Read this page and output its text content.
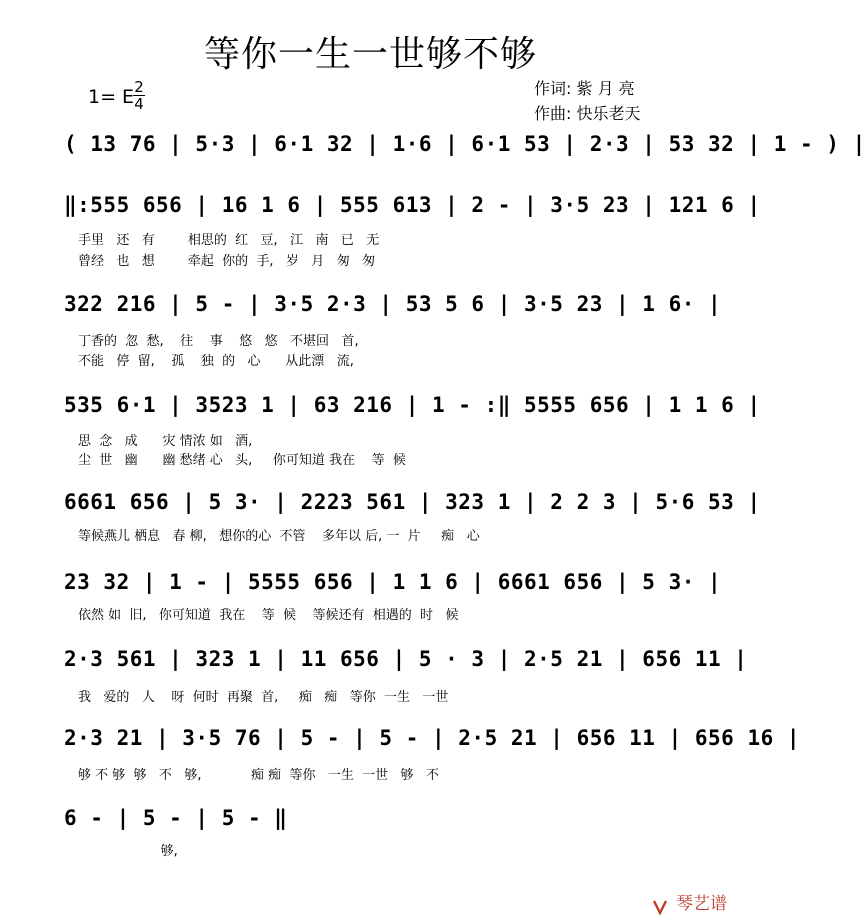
等你一生一世够不够
1= E 2
4
作词: 紫 月 亮
作曲: 快乐老天
( 13 76 | 5·3 | 6·1 32 | 1·6 | 6·1 53 | 2·3 | 53 32 | 1 - ) |
‖:555 656 | 16 1 6 | 555 613 | 2 - | 3·5 23 | 121 6 |
手里   还   有        相思的  红   豆,   江   南   已   无
曾经   也   想        牵起  你的  手,   岁   月   匆   匆
322 216 | 5 - | 3·5 2·3 | 53 5 6 | 3·5 23 | 1 6· |
丁香的  忽  愁,    往    事    悠   悠   不堪回   首,
不能   停  留,    孤    独  的   心      从此漂   流,
535 6·1 | 3523 1 | 63 216 | 1 - :‖ 5555 656 | 1 1 6 |
思  念   成      灾 情浓 如   酒,
尘  世   幽      幽 愁绪 心   头,     你可知道 我在    等  候
6661 656 | 5 3· | 2223 561 | 323 1 | 2 2 3 | 5·6 53 |
等候燕儿 栖息   春 柳,   想你的心  不管    多年以 后, 一  片     痴   心
23 32 | 1 - | 5555 656 | 1 1 6 | 6661 656 | 5 3· |
依然 如  旧,   你可知道  我在    等  候    等候还有  相遇的  时   候
2·3 561 | 323 1 | 11 656 | 5 · 3 | 2·5 21 | 656 11 |
我   爱的   人    呀  何时  再聚  首,     痴   痴   等你  一生   一世
2·3 21 | 3·5 76 | 5 - | 5 - | 2·5 21 | 656 11 | 656 16 |
够 不 够  够   不   够,            痴 痴  等你   一生  一世   够   不
6 - | 5 - | 5 - ‖
够,
琴艺谱
